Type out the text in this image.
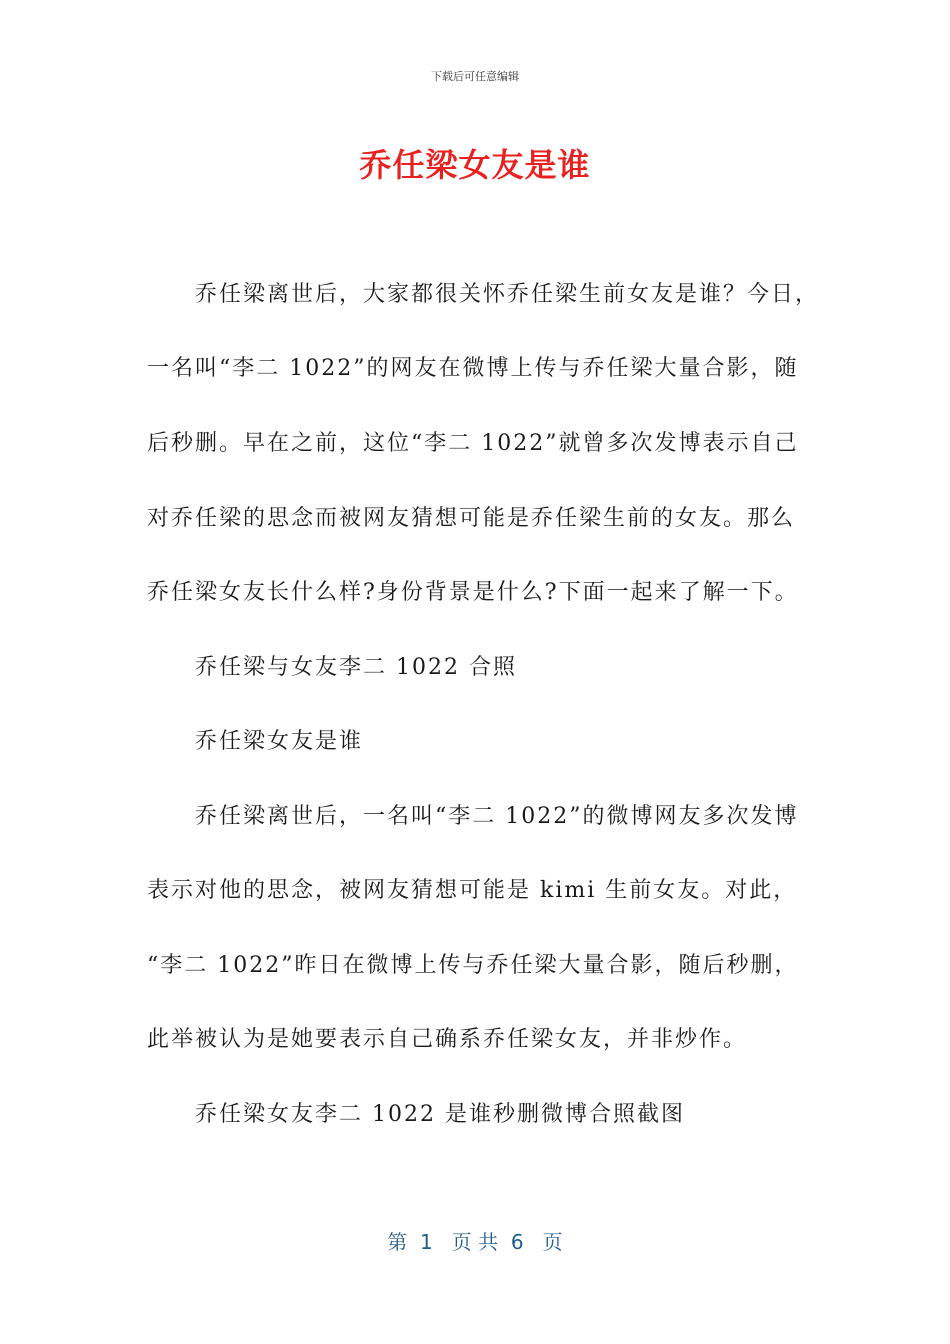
下载后可任意编辑
乔任梁女友是谁
乔任梁离世后，大家都很关怀乔任梁生前女友是谁？今日，
一名叫“李二 1022”的网友在微博上传与乔任梁大量合影，随
后秒删。早在之前，这位“李二 1022”就曾多次发博表示自己
对乔任梁的思念而被网友猜想可能是乔任梁生前的女友。那么
乔任梁女友长什么样?身份背景是什么?下面一起来了解一下。
乔任梁与女友李二 1022 合照
乔任梁女友是谁
乔任梁离世后，一名叫“李二 1022”的微博网友多次发博
表示对他的思念，被网友猜想可能是 kimi 生前女友。对此，
“李二 1022”昨日在微博上传与乔任梁大量合影，随后秒删，
此举被认为是她要表示自己确系乔任梁女友，并非炒作。
乔任梁女友李二 1022 是谁秒删微博合照截图
第  1   页 共  6   页
